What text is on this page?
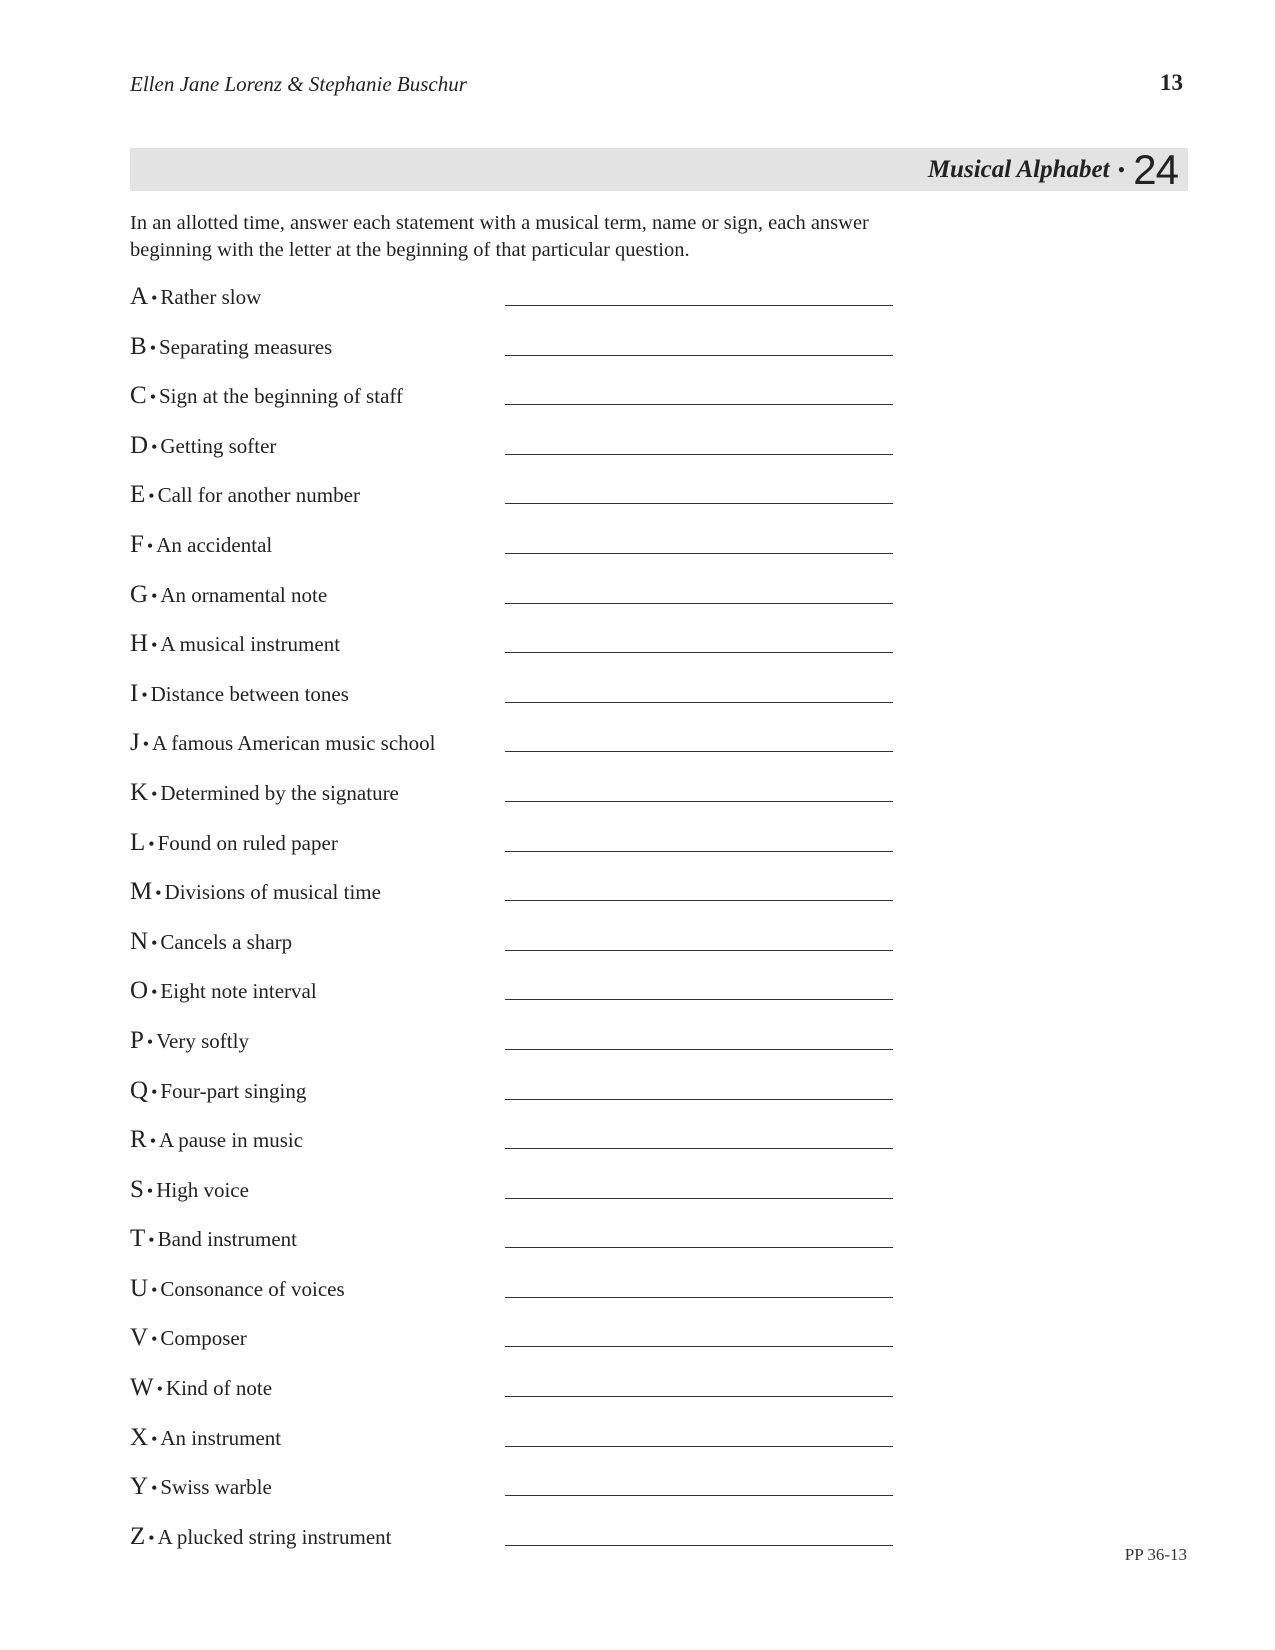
Ellen Jane Lorenz & Stephanie Buschur	13
Musical Alphabet • 24
In an allotted time, answer each statement with a musical term, name or sign, each answer beginning with the letter at the beginning of that particular question.
A • Rather slow
B • Separating measures
C • Sign at the beginning of staff
D • Getting softer
E • Call for another number
F • An accidental
G • An ornamental note
H • A musical instrument
I • Distance between tones
J • A famous American music school
K • Determined by the signature
L • Found on ruled paper
M • Divisions of musical time
N • Cancels a sharp
O • Eight note interval
P • Very softly
Q • Four-part singing
R • A pause in music
S • High voice
T • Band instrument
U • Consonance of voices
V • Composer
W • Kind of note
X • An instrument
Y • Swiss warble
Z • A plucked string instrument
PP 36-13
